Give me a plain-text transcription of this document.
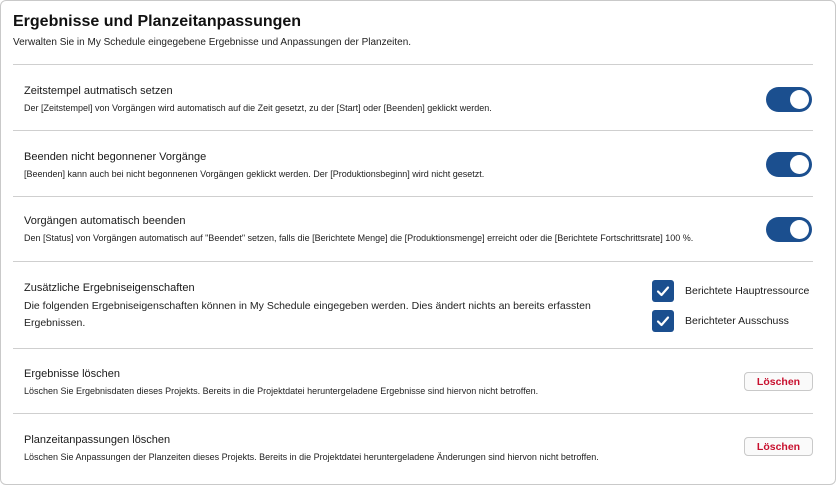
Ergebnisse und Planzeitanpassungen
Verwalten Sie in My Schedule eingegebene Ergebnisse und Anpassungen der Planzeiten.
Zeitstempel autmatisch setzen
Der [Zeitstempel] von Vorgängen wird automatisch auf die Zeit gesetzt, zu der [Start] oder [Beenden] geklickt werden.
Beenden nicht begonnener Vorgänge
[Beenden] kann auch bei nicht begonnenen Vorgängen geklickt werden. Der [Produktionsbeginn] wird nicht gesetzt.
Vorgängen automatisch beenden
Den [Status] von Vorgängen automatisch auf "Beendet" setzen, falls die [Berichtete Menge] die [Produktionsmenge] erreicht oder die [Berichtete Fortschrittsrate] 100 %.
Zusätzliche Ergebniseigenschaften
Die folgenden Ergebniseigenschaften können in My Schedule eingegeben werden. Dies ändert nichts an bereits erfassten Ergebnissen.
Berichtete Hauptressource
Berichteter Ausschuss
Ergebnisse löschen
Löschen Sie Ergebnisdaten dieses Projekts. Bereits in die Projektdatei heruntergeladene Ergebnisse sind hiervon nicht betroffen.
Löschen
Planzeitanpassungen löschen
Löschen Sie Anpassungen der Planzeiten dieses Projekts. Bereits in die Projektdatei heruntergeladene Änderungen sind hiervon nicht betroffen.
Löschen
